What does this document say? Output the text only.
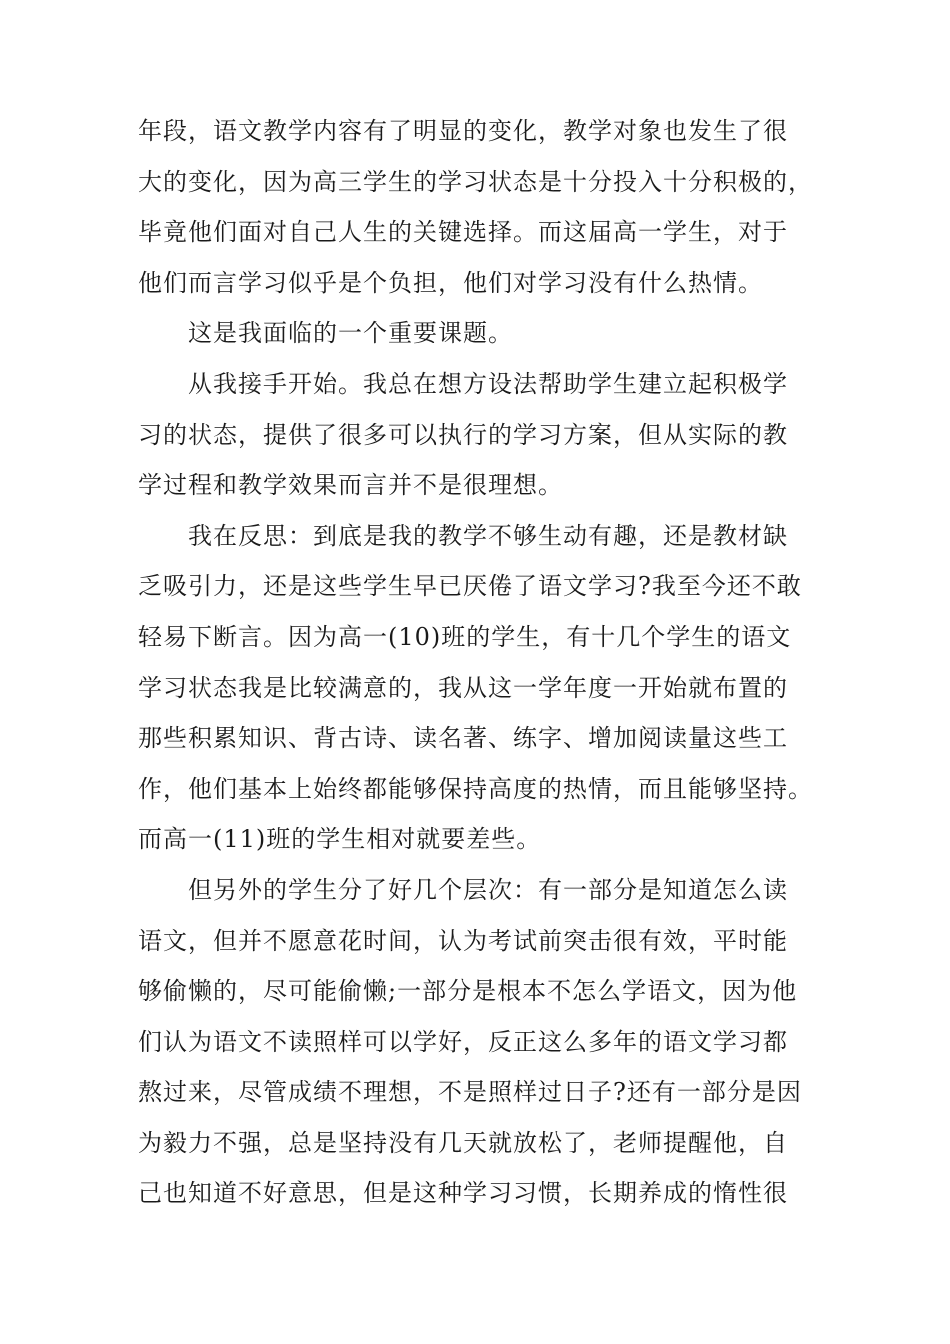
年段，语文教学内容有了明显的变化，教学对象也发生了很
大的变化，因为高三学生的学习状态是十分投入十分积极的，
毕竟他们面对自己人生的关键选择。而这届高一学生，对于
他们而言学习似乎是个负担，他们对学习没有什么热情。
这是我面临的一个重要课题。
从我接手开始。我总在想方设法帮助学生建立起积极学
习的状态，提供了很多可以执行的学习方案，但从实际的教
学过程和教学效果而言并不是很理想。
我在反思：到底是我的教学不够生动有趣，还是教材缺
乏吸引力，还是这些学生早已厌倦了语文学习?我至今还不敢
轻易下断言。因为高一(10)班的学生，有十几个学生的语文
学习状态我是比较满意的，我从这一学年度一开始就布置的
那些积累知识、背古诗、读名著、练字、增加阅读量这些工
作，他们基本上始终都能够保持高度的热情，而且能够坚持。
而高一(11)班的学生相对就要差些。
但另外的学生分了好几个层次：有一部分是知道怎么读
语文，但并不愿意花时间，认为考试前突击很有效，平时能
够偷懒的，尽可能偷懒;一部分是根本不怎么学语文，因为他
们认为语文不读照样可以学好，反正这么多年的语文学习都
熬过来，尽管成绩不理想，不是照样过日子?还有一部分是因
为毅力不强，总是坚持没有几天就放松了，老师提醒他，自
己也知道不好意思，但是这种学习习惯，长期养成的惰性很
